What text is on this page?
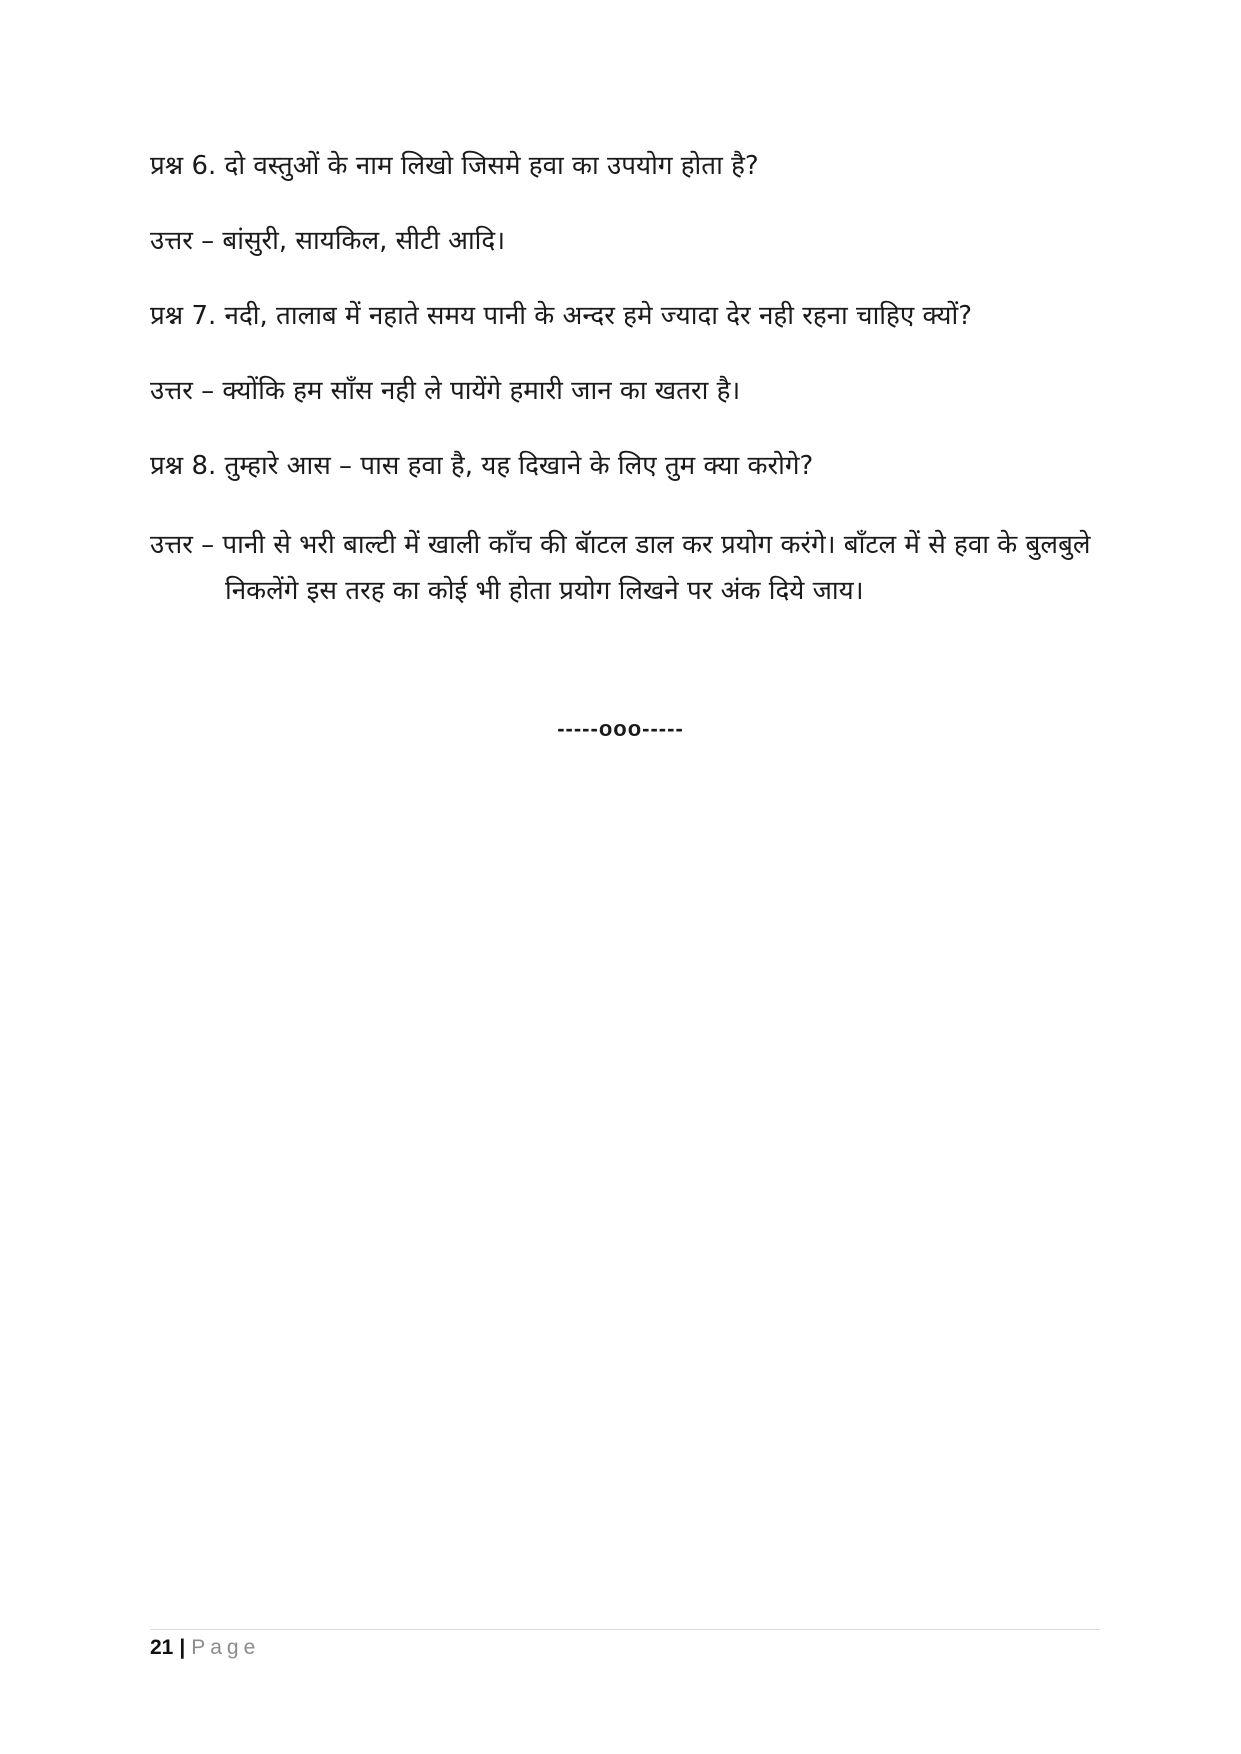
प्रश्न 6. दो वस्तुओं के नाम लिखो जिसमे हवा का उपयोग होता है?
उत्तर – बांसुरी, सायकिल, सीटी आदि।
प्रश्न 7. नदी, तालाब में नहाते समय पानी के अन्दर हमे ज्यादा देर नही रहना चाहिए क्यों?
उत्तर – क्योंकि हम साँस नही ले पायेंगे हमारी जान का खतरा है।
प्रश्न 8. तुम्हारे आस – पास हवा है, यह दिखाने के लिए तुम क्या करोगे?
उत्तर – पानी से भरी बाल्टी में खाली काँच की बॅाटल डाल कर प्रयोग करंगे। बाँटल में से हवा के बुलबुले
निकलेंगे इस तरह का कोई भी होता प्रयोग लिखने पर अंक दिये जाय।
-----ooo-----
21 | Page
